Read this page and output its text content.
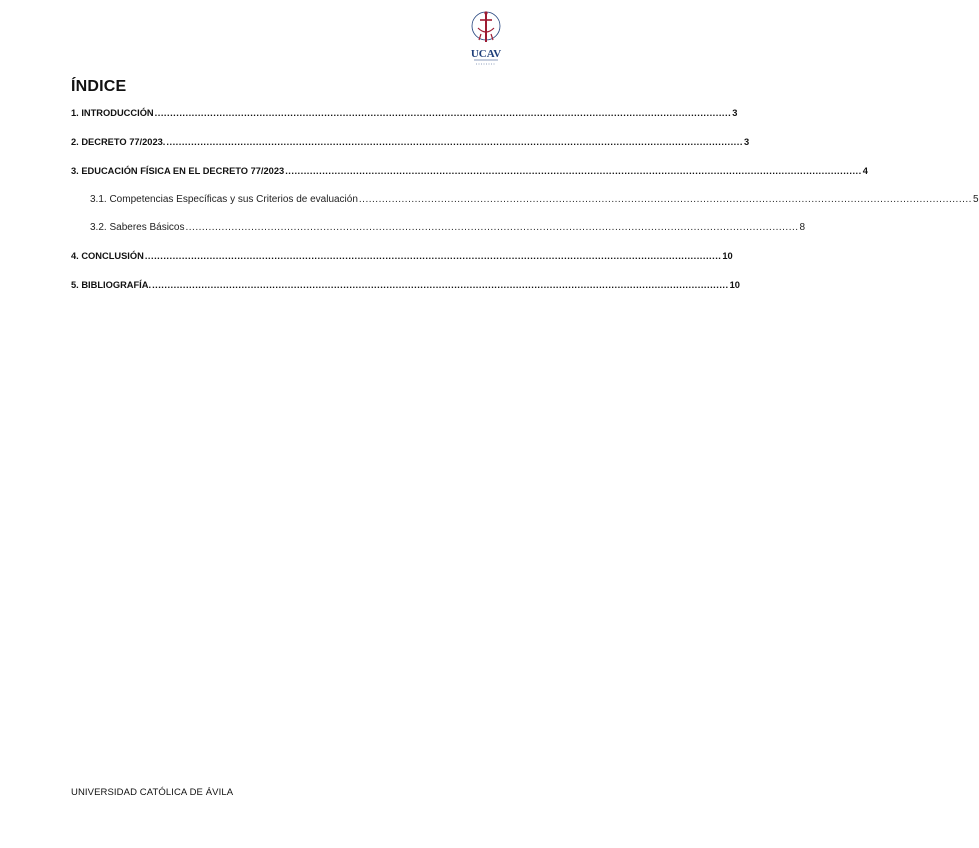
UCAV
ÍNDICE
1. INTRODUCCIÓN ........................................................................................................................................................................................... 3
2. DECRETO 77/2023. ........................................................................................................................................................................................... 3
3. EDUCACIÓN FÍSICA EN EL DECRETO 77/2023 ........................................................................................................................................................................................... 4
3.1. Competencias Específicas y sus Criterios de evaluación ........................................................................................................................................................................................... 5
3.2. Saberes Básicos ........................................................................................................................................................................................... 8
4. CONCLUSIÓN ........................................................................................................................................................................................... 10
5. BIBLIOGRAFÍA. ........................................................................................................................................................................................... 10

UNIVERSIDAD CATÓLICA DE ÁVILA
